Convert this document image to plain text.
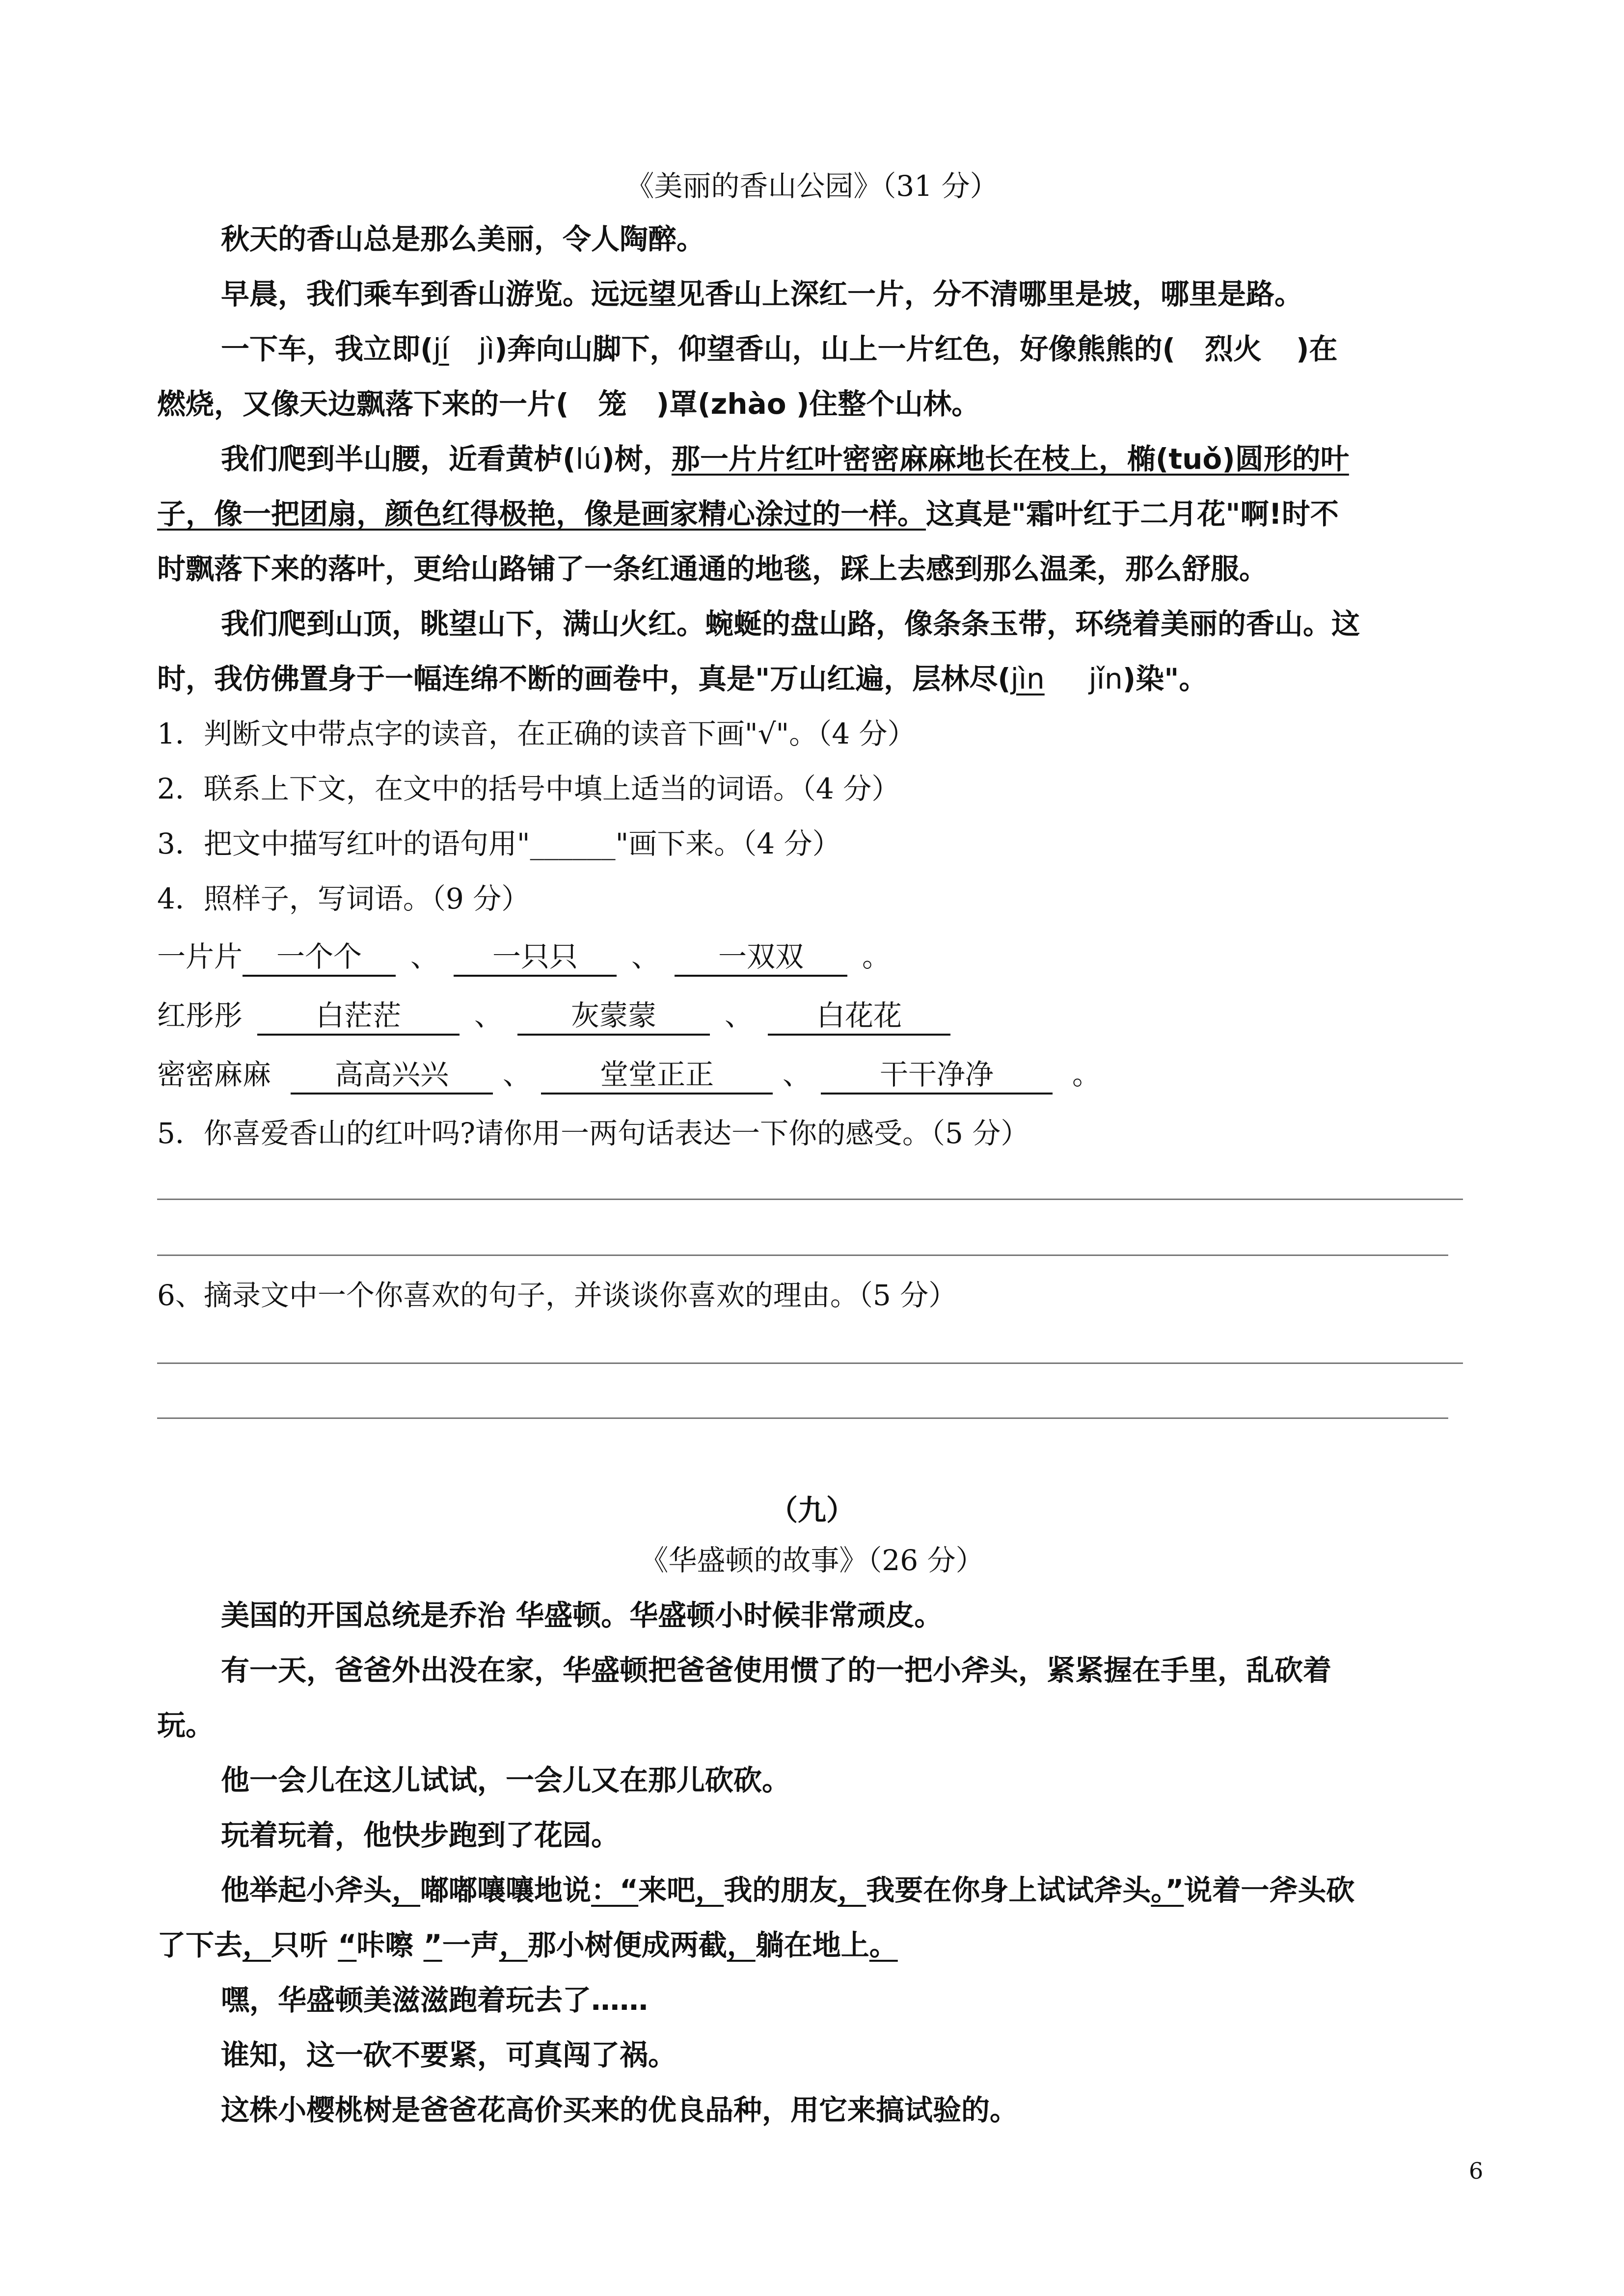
《美丽的香山公园》（31 分）
秋天的香山总是那么美丽，令人陶醉。
早晨，我们乘车到香山游览。远远望见香山上深红一片，分不清哪里是坡，哪里是路。
一下车，我立即(jí jì)奔向山脚下，仰望香山，山上一片红色，好像熊熊的( 烈火 )在
燃烧，又像天边飘落下来的一片( 笼 )罩(zhào )住整个山林。
我们爬到半山腰，近看黄栌(lú)树，那一片片红叶密密麻麻地长在枝上，椭(tuǒ)圆形的叶
子，像一把团扇，颜色红得极艳，像是画家精心涂过的一样。这真是"霜叶红于二月花"啊!时不
时飘落下来的落叶，更给山路铺了一条红通通的地毯，踩上去感到那么温柔，那么舒服。
我们爬到山顶，眺望山下，满山火红。蜿蜒的盘山路，像条条玉带，环绕着美丽的香山。这
时，我仿佛置身于一幅连绵不断的画卷中，真是"万山红遍，层林尽(jìn jǐn)染"。
1．判断文中带点字的读音，在正确的读音下画"√"。（4 分）
2．联系上下文，在文中的括号中填上适当的词语。（4 分）
3．把文中描写红叶的语句用"______"画下来。（4 分）
4．照样子，写词语。（9 分）
一片片 一个个 、 一只只 、 一双双 。
红彤彤	白茫茫	、 灰蒙蒙 、 白花花
密密麻麻 高高兴兴 、 堂堂正正 、 干干净净	。
5．你喜爱香山的红叶吗?请你用一两句话表达一下你的感受。（5 分）
6、摘录文中一个你喜欢的句子，并谈谈你喜欢的理由。（5 分）
（九）
《华盛顿的故事》（26 分）
美国的开国总统是乔治 华盛顿。华盛顿小时候非常顽皮。
有一天，爸爸外出没在家，华盛顿把爸爸使用惯了的一把小斧头，紧紧握在手里，乱砍着
玩。
他一会儿在这儿试试，一会儿又在那儿砍砍。
玩着玩着，他快步跑到了花园。
他举起小斧头，嘟嘟嚷嚷地说：“来吧，我的朋友，我要在你身上试试斧头。”说着一斧头砍
了下去，只听 “咔嚓 ”一声，那小树便成两截，躺在地上。
嘿，华盛顿美滋滋跑着玩去了……
谁知，这一砍不要紧，可真闯了祸。
这株小樱桃树是爸爸花高价买来的优良品种，用它来搞试验的。
6
